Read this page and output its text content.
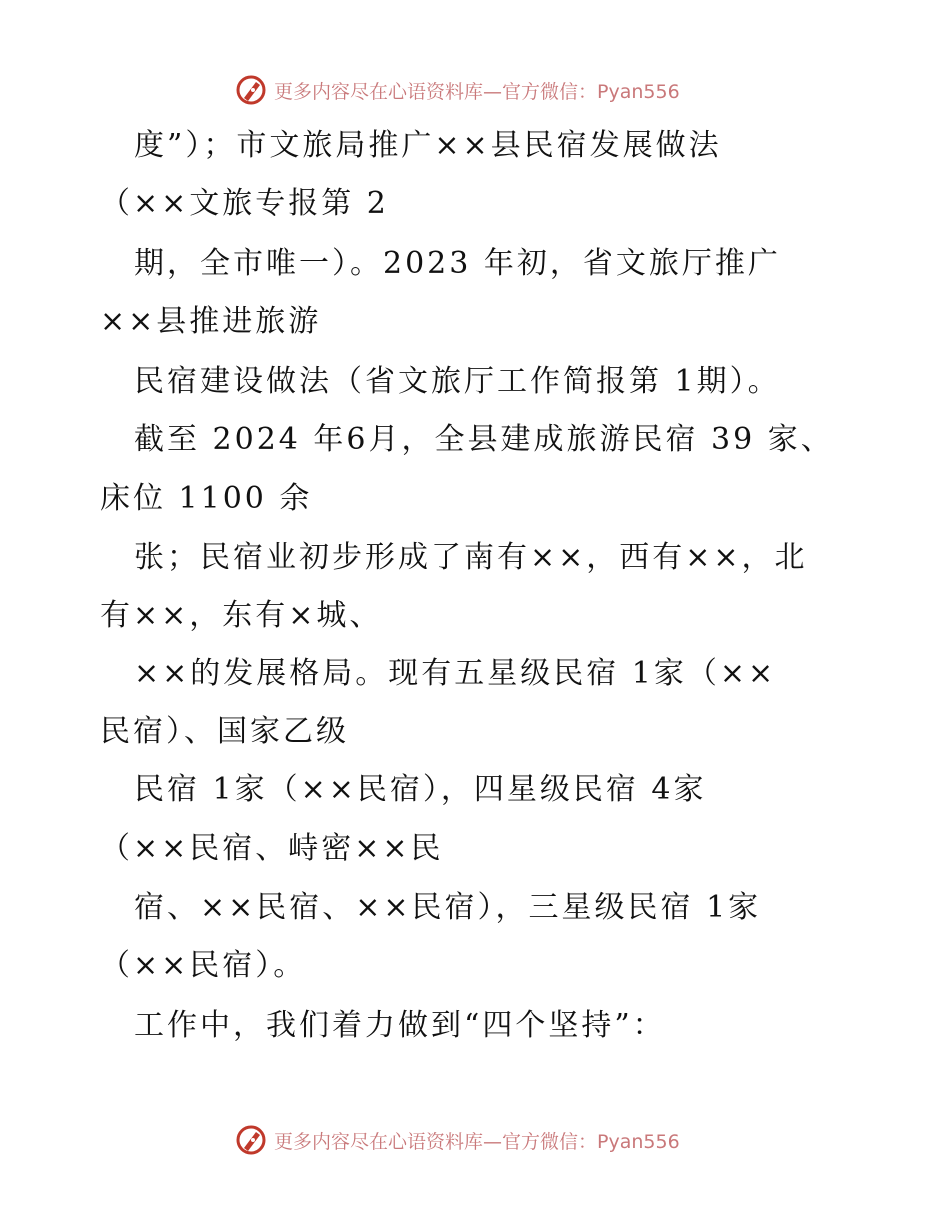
更多内容尽在心语资料库—官方微信：Pyan556
度”）；市文旅局推广××县民宿发展做法
（××文旅专报第 2
期，全市唯一）。2023 年初，省文旅厅推广
××县推进旅游
民宿建设做法（省文旅厅工作简报第 1期）。
截至 2024 年6月，全县建成旅游民宿 39 家、
床位 1100 余
张；民宿业初步形成了南有××，西有××，北
有××，东有×城、
××的发展格局。现有五星级民宿 1家（××
民宿）、国家乙级
民宿 1家（××民宿），四星级民宿 4家
（××民宿、峙密××民
宿、××民宿、××民宿），三星级民宿 1家
（××民宿）。
工作中，我们着力做到“四个坚持”：
更多内容尽在心语资料库—官方微信：Pyan556
